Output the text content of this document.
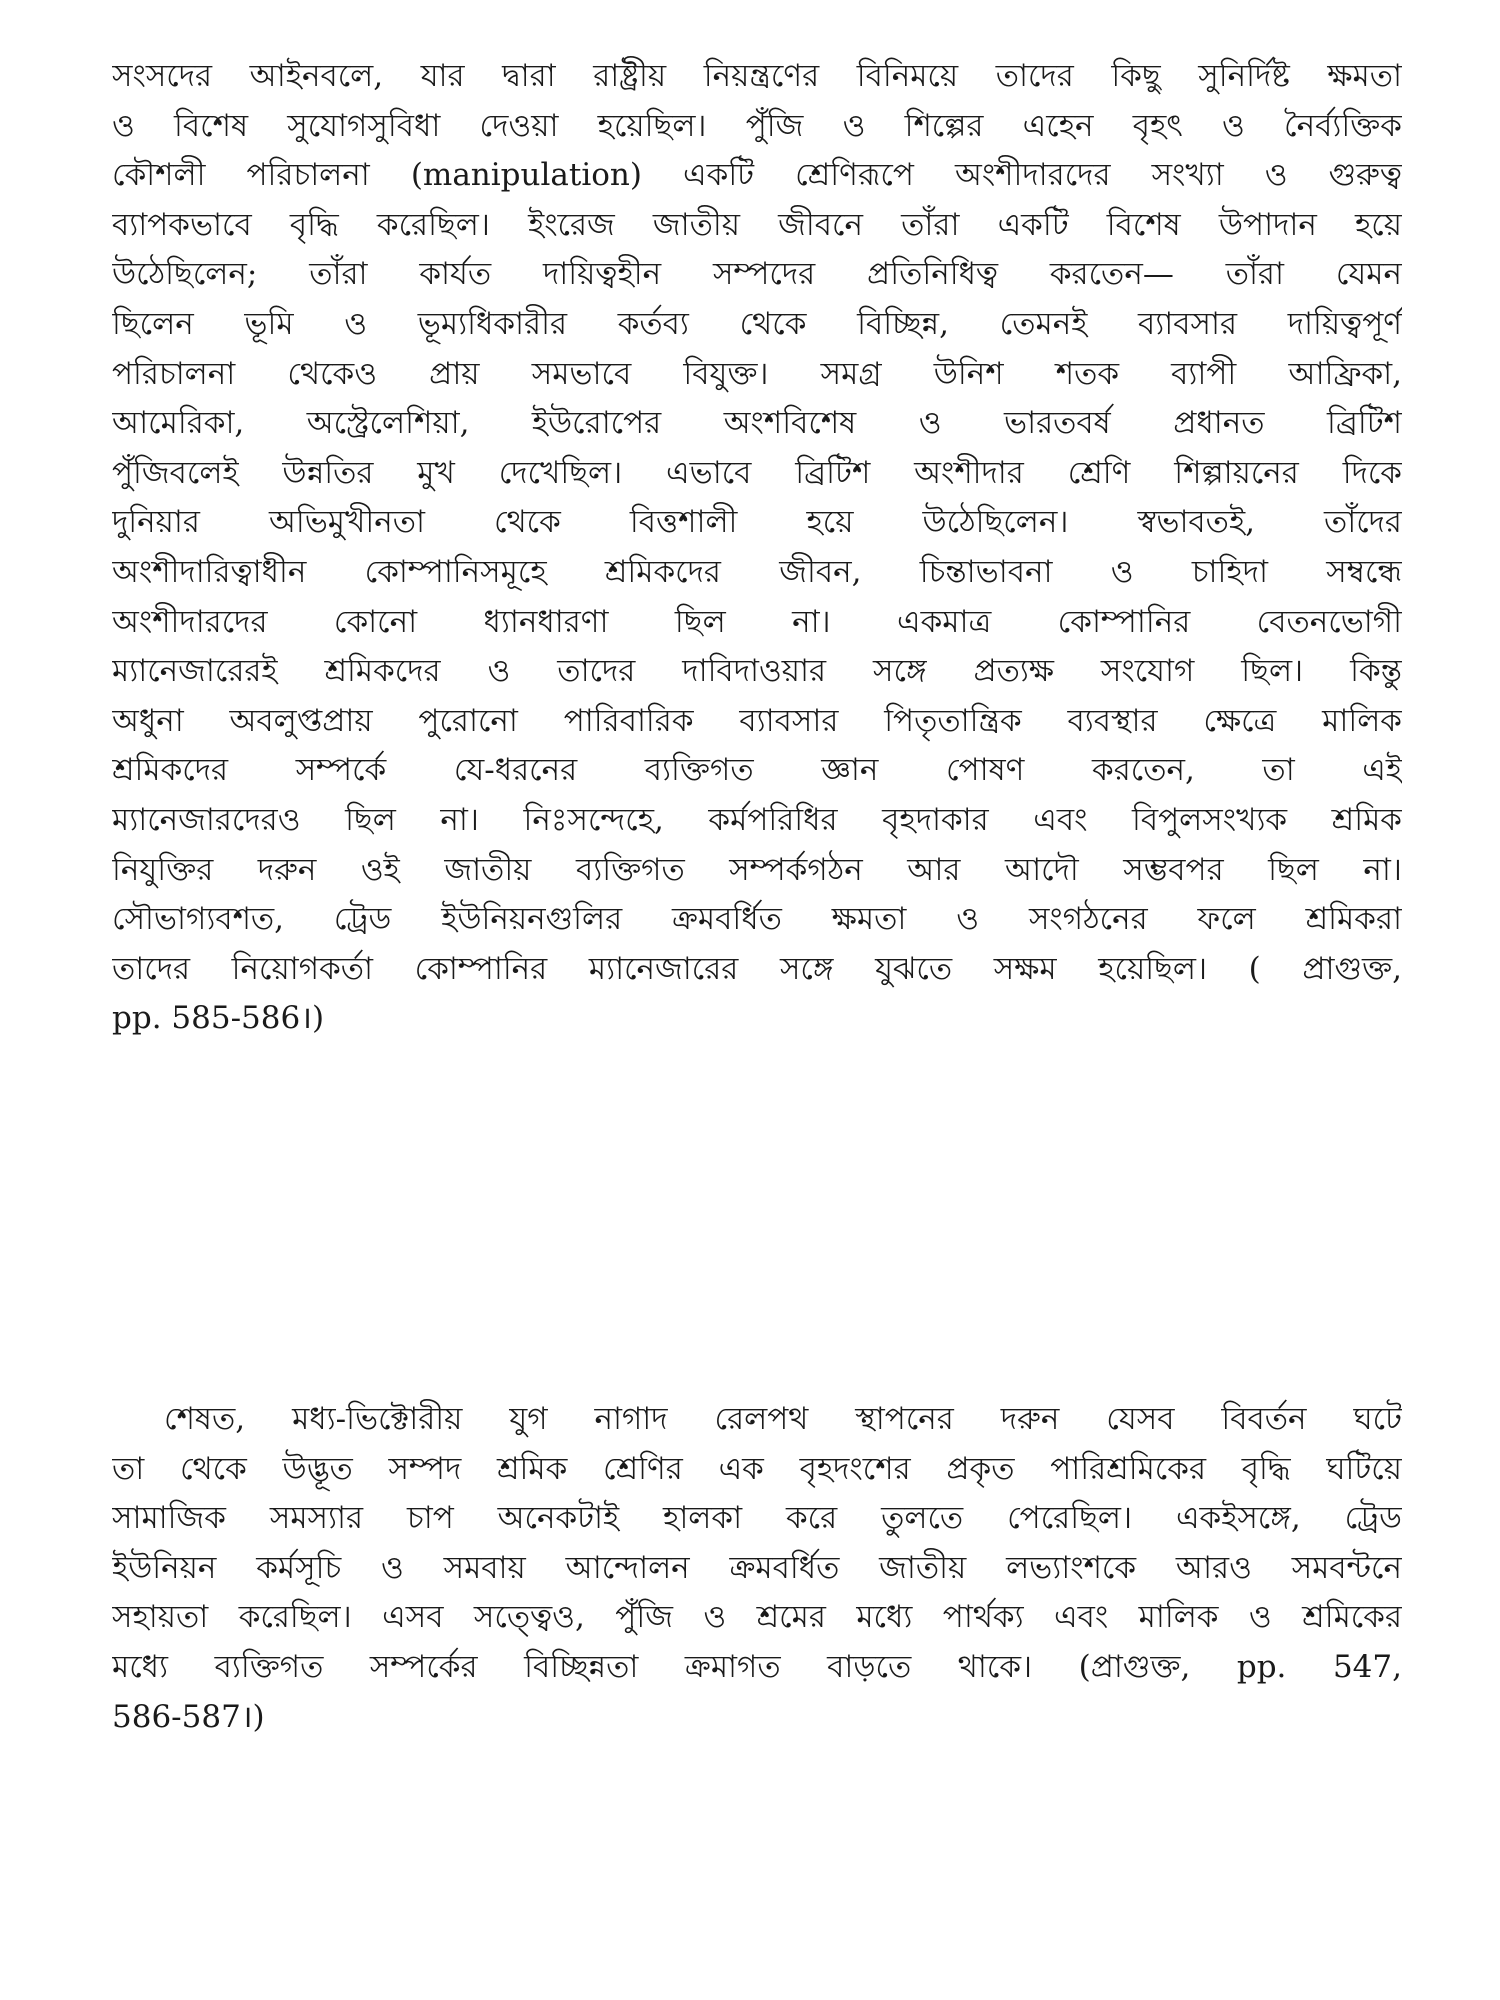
সংসদের আইনবলে, যার দ্বারা রাষ্ট্রীয় নিয়ন্ত্রণের বিনিময়ে তাদের কিছু সুনির্দিষ্ট ক্ষমতা
ও বিশেষ সুযোগসুবিধা দেওয়া হয়েছিল। পুঁজি ও শিল্পের এহেন বৃহৎ ও নৈর্ব্যক্তিক
কৌশলী পরিচালনা (manipulation) একটি শ্রেণিরূপে অংশীদারদের সংখ্যা ও গুরুত্ব
ব্যাপকভাবে বৃদ্ধি করেছিল। ইংরেজ জাতীয় জীবনে তাঁরা একটি বিশেষ উপাদান হয়ে
উঠেছিলেন; তাঁরা কার্যত দায়িত্বহীন সম্পদের প্রতিনিধিত্ব করতেন— তাঁরা যেমন
ছিলেন ভূমি ও ভূম্যধিকারীর কর্তব্য থেকে বিচ্ছিন্ন, তেমনই ব্যাবসার দায়িত্বপূর্ণ
পরিচালনা থেকেও প্রায় সমভাবে বিযুক্ত। সমগ্র উনিশ শতক ব্যাপী আফ্রিকা,
আমেরিকা, অস্ট্রেলেশিয়া, ইউরোপের অংশবিশেষ ও ভারতবর্ষ প্রধানত ব্রিটিশ
পুঁজিবলেই উন্নতির মুখ দেখেছিল। এভাবে ব্রিটিশ অংশীদার শ্রেণি শিল্পায়নের দিকে
দুনিয়ার অভিমুখীনতা থেকে বিত্তশালী হয়ে উঠেছিলেন। স্বভাবতই, তাঁদের
অংশীদারিত্বাধীন কোম্পানিসমূহে শ্রমিকদের জীবন, চিন্তাভাবনা ও চাহিদা সম্বন্ধে
অংশীদারদের কোনো ধ্যানধারণা ছিল না। একমাত্র কোম্পানির বেতনভোগী
ম্যানেজারেরই শ্রমিকদের ও তাদের দাবিদাওয়ার সঙ্গে প্রত্যক্ষ সংযোগ ছিল। কিন্তু
অধুনা অবলুপ্তপ্রায় পুরোনো পারিবারিক ব্যাবসার পিতৃতান্ত্রিক ব্যবস্থার ক্ষেত্রে মালিক
শ্রমিকদের সম্পর্কে যে-ধরনের ব্যক্তিগত জ্ঞান পোষণ করতেন, তা এই
ম্যানেজারদেরও ছিল না। নিঃসন্দেহে, কর্মপরিধির বৃহদাকার এবং বিপুলসংখ্যক শ্রমিক
নিযুক্তির দরুন ওই জাতীয় ব্যক্তিগত সম্পর্কগঠন আর আদৌ সম্ভবপর ছিল না।
সৌভাগ্যবশত, ট্রেড ইউনিয়নগুলির ক্রমবর্ধিত ক্ষমতা ও সংগঠনের ফলে শ্রমিকরা
তাদের নিয়োগকর্তা কোম্পানির ম্যানেজারের সঙ্গে যুঝতে সক্ষম হয়েছিল। ( প্রাগুক্ত,
pp. 585-586।)
শেষত, মধ্য-ভিক্টোরীয় যুগ নাগাদ রেলপথ স্থাপনের দরুন যেসব বিবর্তন ঘটে
তা থেকে উদ্ভূত সম্পদ শ্রমিক শ্রেণির এক বৃহদংশের প্রকৃত পারিশ্রমিকের বৃদ্ধি ঘটিয়ে
সামাজিক সমস্যার চাপ অনেকটাই হালকা করে তুলতে পেরেছিল। একইসঙ্গে, ট্রেড
ইউনিয়ন কর্মসূচি ও সমবায় আন্দোলন ক্রমবর্ধিত জাতীয় লভ্যাংশকে আরও সমবন্টনে
সহায়তা করেছিল। এসব সত্ত্বেও, পুঁজি ও শ্রমের মধ্যে পার্থক্য এবং মালিক ও শ্রমিকের
মধ্যে ব্যক্তিগত সম্পর্কের বিচ্ছিন্নতা ক্রমাগত বাড়তে থাকে। (প্রাগুক্ত, pp. 547,
586-587।)
